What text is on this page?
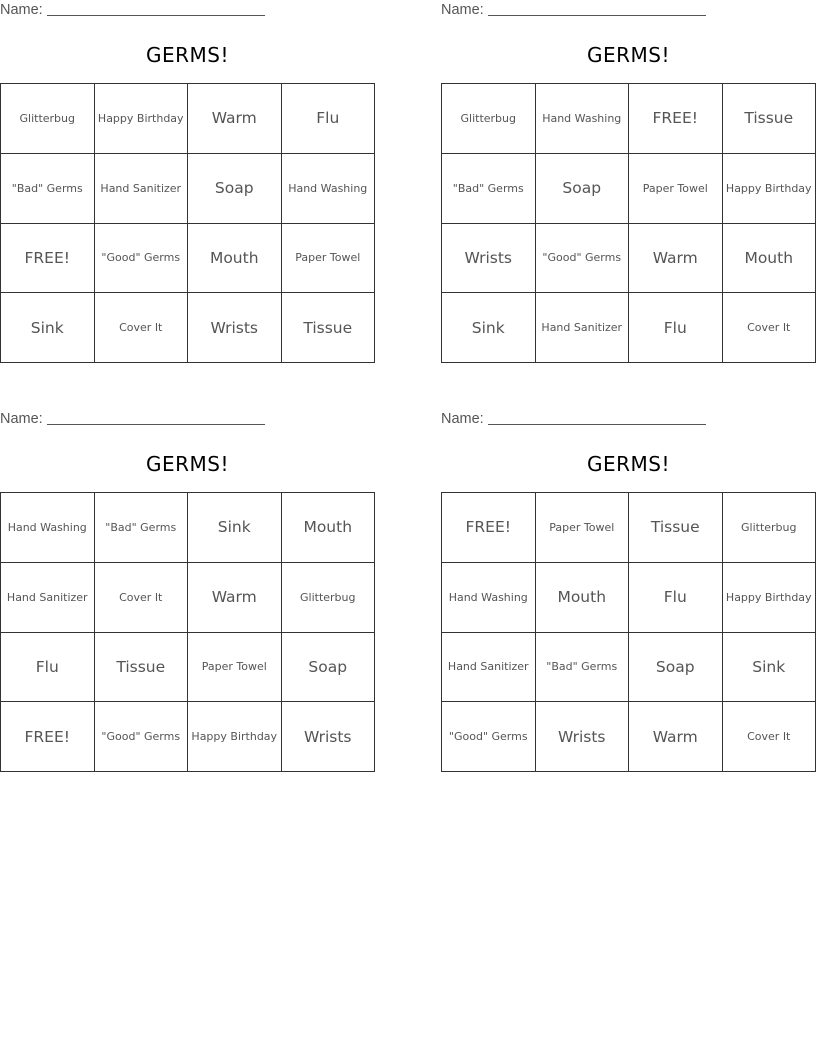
Name:
GERMS!
Glitterbug	Happy Birthday	Warm	Flu
"Bad" Germs	Hand Sanitizer	Soap	Hand Washing
FREE!	"Good" Germs	Mouth	Paper Towel
Sink	Cover It	Wrists	Tissue
Name:
GERMS!
Glitterbug	Hand Washing	FREE!	Tissue
"Bad" Germs	Soap	Paper Towel	Happy Birthday
Wrists	"Good" Germs	Warm	Mouth
Sink	Hand Sanitizer	Flu	Cover It
Name:
GERMS!
Hand Washing	"Bad" Germs	Sink	Mouth
Hand Sanitizer	Cover It	Warm	Glitterbug
Flu	Tissue	Paper Towel	Soap
FREE!	"Good" Germs	Happy Birthday	Wrists
Name:
GERMS!
FREE!	Paper Towel	Tissue	Glitterbug
Hand Washing	Mouth	Flu	Happy Birthday
Hand Sanitizer	"Bad" Germs	Soap	Sink
"Good" Germs	Wrists	Warm	Cover It
